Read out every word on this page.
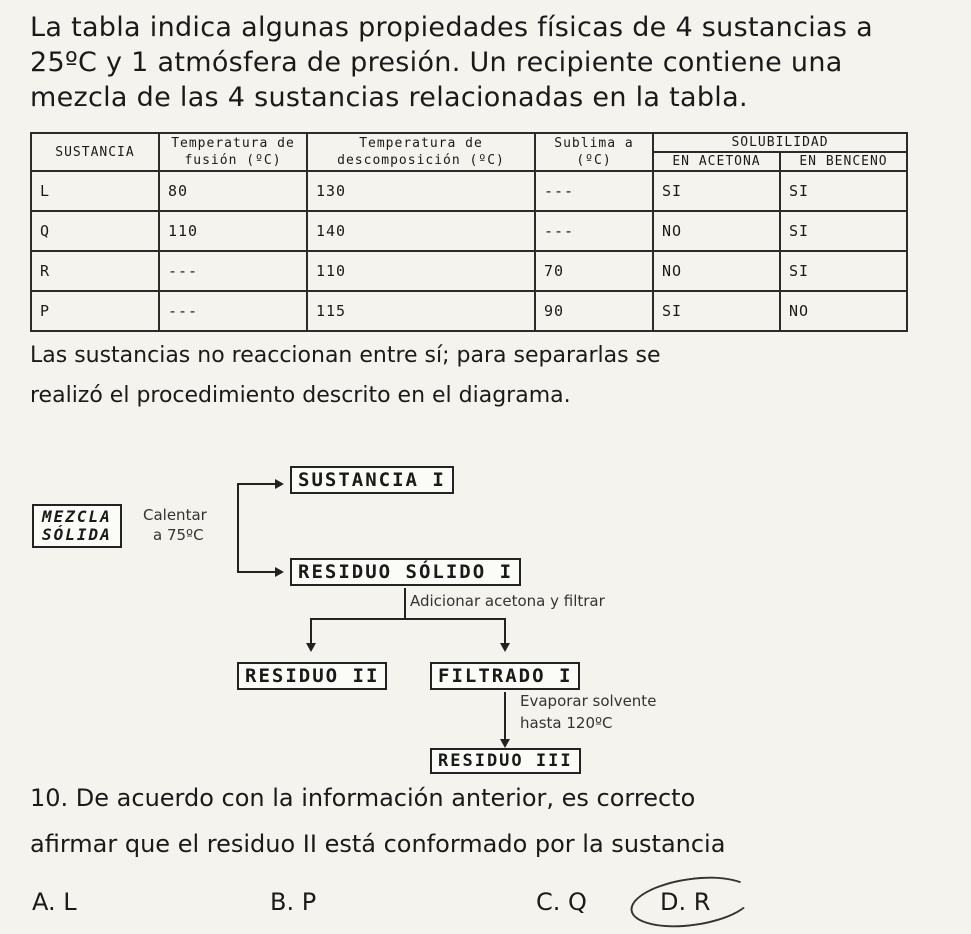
La tabla indica algunas propiedades físicas de 4 sustancias a
25ºC y 1 atmósfera de presión. Un recipiente contiene una
mezcla de las 4 sustancias relacionadas en la tabla.
SUSTANCIA	Temperatura de fusión (ºC)	Temperatura de descomposición (ºC)	Sublima a (ºC)	SOLUBILIDAD	
				EN ACETONA	EN BENCENO
L	80	130	---	SI	SI
Q	110	140	---	NO	SI
R	---	110	70	NO	SI
P	---	115	90	SI	NO
Las sustancias no reaccionan entre sí; para separarlas se
realizó el procedimiento descrito en el diagrama.
MEZCLA
SÓLIDA
Calentar
a 75ºC
SUSTANCIA I
RESIDUO SÓLIDO I
Adicionar acetona y filtrar
RESIDUO II	FILTRADO I
Evaporar solvente
hasta 120ºC
RESIDUO III
10. De acuerdo con la información anterior, es correcto
afirmar que el residuo II está conformado por la sustancia
A. L	B. P	C. Q	D. R
